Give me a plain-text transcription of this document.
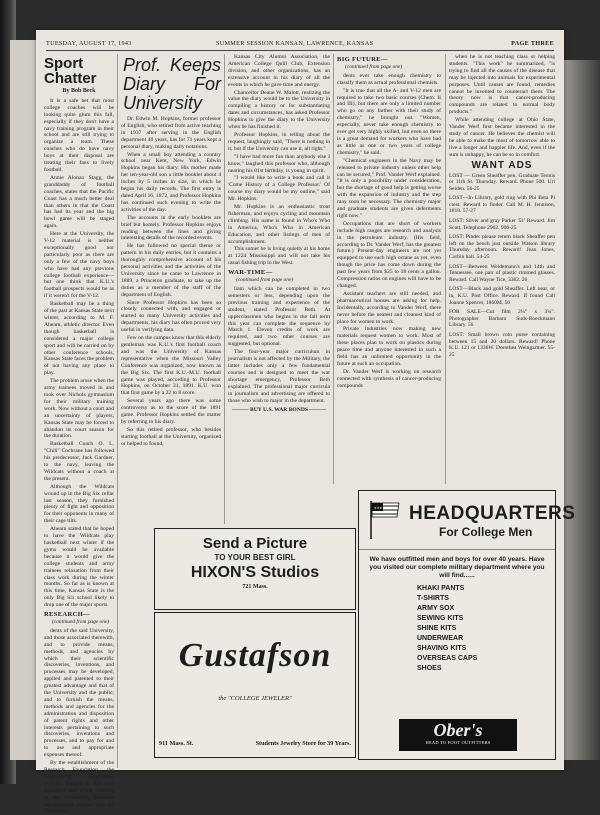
TUESDAY, AUGUST 17, 1943	SUMMER SESSION KANSAN, LAWRENCE, KANSAS	PAGE THREE
Sport Chatter
By Bob Beck

It is a safe bet that most college coaches will be looking quite glum this fall, especially if they don't have a navy training program in their school and are still trying to organize a team. These coaches who do have navy boys at their disposal are treating their fans to lively football.

Annie Alonzo Stagg, the granddaddy of football coaches, states that the Pacific Coast has a much better deal than others in that the Coast has had its year and the big bowl game will be staged again.

Here at the University, the V-12 material is neither exceptionally good nor particularly poor as there are only a few of the navy boys who have had any previous college football experience—but one think that K.U.'s football prospects would be as if it weren't for the V-12.

Basketball may be a thing of the past at Kansas State next winter, according to M. F. Ahearn, athletic director. Even though basketball is considered a major college sport and will be carried on by other conference schools, Kansas State faces the problem of not having any place to play.

The problem arose when the army trainees moved in and took over Nichols gymnasium for their military training work. Now without a court and an uncertainty of players, Kansas State may be forced to abandon its court season for the duration.

Basketball Coach O. L. "Chili" Cochrane has followed his predecessor, Jack Gardner, to the navy, leaving the Wildcats without a coach at the present.

Although the Wildcats wound up in the Big Six cellar last season, they furnished plenty of fight and opposition for their opponents in many of their cage tilts.

Ahearn stated that he hoped to have the Wildcats play basketball next winter if the gyms would be available because it would give the college students and army trainees relaxation from their class work during the winter months. So far as is known at this time, Kansas State is the only Big Six school likely to drop one of the major sports.

RESEARCH—
(continued from page one)

dents of the said University, and those associated therewith, and to provide means, methods, and agencies by which their scientific discoveries, inventions, and processes may be developed, applied and patented to their greatest advantage and that of the University and the public; and to furnish the means, methods and agencies for the administration and disposition of patent rights and other interests pertaining to such discoveries, inventions and processes, and to pay for and to use and appropriate expenses thereof.

By the establishment of the Research Foundation, the Engineering Experiment Station, housed in the new stabilized unit block building at the University, becomes automatically merged with the foundation.

Prof. Keeps Diary For University

Dr. Edwin M. Hopkins, former professor of English, who retired from active teaching in 1937 after serving in the English department 40 years, has for 71 years kept a personal diary, making daily notations.

When a small boy attending a country school near Kent, New York, Edwin Hopkins began his diary. His mother made her ten-year-old son a little booklet about 4 inches by 5 inches in size, in which he began his daily records. The first entry is dated April 16, 1872, and Professor Hopkins has continued such evening to write the activities of the day.

The accounts in the early booklets are brief but homely. Professor Hopkins enjoys reading between the lines and giving interesting details of the recorded events.

He has followed no special theme or pattern in his daily entries, but it contains a thoroughly comprehensive account of his personal activities and the activities of the University since he came to Lawrence in 1889, a Princeton graduate, to take up the duties as a member of the staff of the department of English.

Since Professor Hopkins has been so closely connected with, and engaged or started so many University activities and departments, his diary has often proved very useful in verifying data.

Few on the campus know that this elderly gentleman was K.U.'s first football coach and was the University of Kansas representative when the Missouri Valley Conference was organized, now known as the Big Six. The first K.U.-M.U. football game was played, according to Professor Hopkins, on October 31, 1891. K.U. won that first game by a 22 to 8 score.

Several years ago there was some controversy as to the score of the 1891 game. Professor Hopkins settled the matter by referring to his diary.

So this retired professor, who besides starting football at the University, organized or helped to found,

Kansas City Alumni Association, the American College Quill Club, Extension division, and other organizations, has an extensive account in his diary of all the events in which he gave time and energy.

Chancellor Deane W. Malott, realizing the value the diary would be to the University in compiling a history or for substantiating dates and circumstances, has asked Professor Hopkins to give the diary to the University when he has finished it.

Professor Hopkins, in telling about the request, laughingly said, "There is nothing in it, but if the University can use it, all right."

"I have had more fun than anybody else I know," laughed this professor who, although nearing his 81st birthday, is young in spirit.

"I would like to write a book and call it 'Come History of a College Professor.' Of course my diary would be my outline," said Mr. Hopkins.

Mr. Hopkins is an enthusiastic trout fisherman, and enjoys cycling and mountain climbing. His name is found in Who's Who in America, Who's Who in American Education, and other listings of men of accomplishment.

This sumer he is living quietly at his home at 1224 Mississippi and will not take his usual fishing trip in the West.

WAR-TIME—
(continued from page one)

liam which can be completed in two semesters or less, depending upon the previous training and experience of the student, stated Professor Beth. At upperclassmen who begins in the fall term this year can complete the sequence by March 1. Eleven credits of work are required, and two other courses are suggested, but optional.

The four-year major curriculum in journalism is not affected by the Military, the latter includes only a few fundamental courses and is designed to meet the war shortage emergency, Professor Beth explained. The professional major curricula in journalism and advertising are offered to those who wish to major in the department.

——— BUY U.S. WAR BONDS ———
BIG FUTURE—
(continued from page one)

dents ever take enough chemistry to classify them as actual professional chemists.

"It is true that all the A- and V-12 men are required to take two basic courses (Chem. II and III), but there are only a limited number who go on any farther with their study of chemistry," he brought out. "Women, especially, never take enough chemistry to ever get very highly skilled, but even so there is a great demand for workers who have had as little as one or two years of college chemistry," he said.

"Chemical engineers in the Navy may be released to private industry unless other help can be secured," Prof. Vander Werf explained. "It is only a possibility under consideration, but the shortage of good help is getting worse with the expansion of industry and the step may soon be necessary. The chemistry major and graduate students are given deferments right now."

Occupations that are short of workers include high ranges are research and analysis in the petroleum industry. (His field, according to Dr. Vander Werf, has the greatest future.) Present-day engineers are not yet equipped to use such high octane as yet, even though the price has come down during the past few years from $25 to 18 cents a gallon. Compression ratios on engines will have to be changed.

Assistant teachers are still needed, and pharmaceutical houses are asking for help. Incidentally, according to Vander Werf, there never before the neatest and cleanest kind of place for women to work.

Private industries now making new materials request women to work. Most of these places plan to work on plastics during peace time and anyone interested in such a field has an unlimited opportunity in the future at such an occupation.

Dr. Vander Werf is working on research connected with synthesis of cancer-producing compounds

when he is not teaching class or helping students. "This work" he summarized, "is trying to find all the causes of the disease that may be injected into animals for experimental purposes. Until causes are found, remedies cannot be invented to counteract them. The theory now is that cancer-producing compounds are related to normal body products."

While attending college at Ohio State, Vander Werf first became interested in the study of cancer. He believes the chemist will be able to make the most of tomorrow able to live a longer and happier life. And, even if the sum is unhappy, he can be so in comfort.

WANT ADS
LOST — Green Sheaffer pen. Graduate Tennis or 11th St. Thursday. Reward. Phone 500. Uri Seiden. 56-25
LOST—In Library, gold ring with Phi Beta Pi crest. Reward to finder. Call M. H. Jennison, 1818. 57-27
LOST: Silver and gray Parker '51' Reward. Jim Scott, Telephone 2902. 906-25
LOST: Pinder please return black Sheaffer pen left on the bench just outside Watson library Thursday afternoon. Reward! Jean Jones, Corbin hall. 54-25
LOST—Between Weidemann's and 14th and Tennessee, one pair of plastic rimmed glasses. Reward. Call Wayne Tice, 3382. 26
LOST—Black and gold Sheaffer. Left near, or in, K.U. Post Office. Reward. If found Call Joanne Spencer, 1860M. 56
FOR SALE—Cut film 2¼" x 3¼". Photographer Barbara Suds-Boeckmann Library. 56
LOST: Small brown coin purse containing between 15 and 20 dollars. Reward! Phone K.U. 121 or 1336W. Dorothea Weingartner. 55-25
Send a Picture
TO YOUR BEST GIRL
HIXON'S Studios
721 Mass.
Gustafson
the "COLLEGE JEWELER"
911 Mass. St.	Students Jewelry Store for 39 Years.
★★★ HEADQUARTERS
For College Men
We have outfitted men and boys for over 40 years. Have you visited our complete military department where you will find......
KHAKI PANTS
T-SHIRTS
ARMY SOX
SEWING KITS
SHINE KITS
UNDERWEAR
SHAVING KITS
OVERSEAS CAPS
SHOES
Ober's
HEAD TO FOOT OUTFITTERS
